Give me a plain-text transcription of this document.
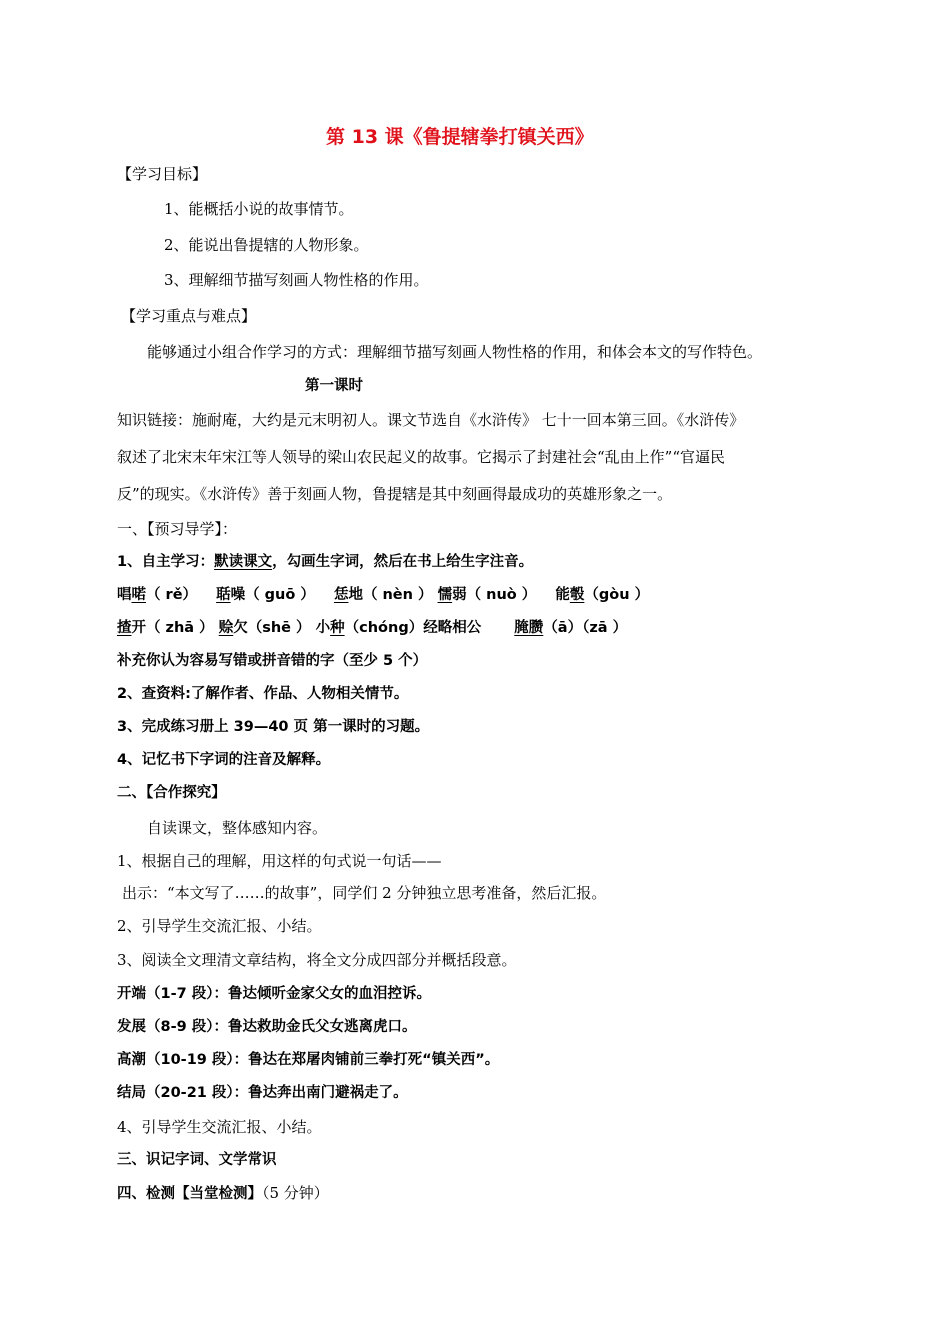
第 13 课《鲁提辖拳打镇关西》
【学习目标】
1、能概括小说的故事情节。
2、能说出鲁提辖的人物形象。
3、理解细节描写刻画人物性格的作用。
【学习重点与难点】
能够通过小组合作学习的方式：理解细节描写刻画人物性格的作用，和体会本文的写作特色。
第一课时
知识链接：施耐庵，大约是元末明初人。课文节选自《水浒传》 七十一回本第三回。《水浒传》
叙述了北宋末年宋江等人领导的梁山农民起义的故事。它揭示了封建社会“乱由上作”“官逼民
反”的现实。《水浒传》善于刻画人物，鲁提辖是其中刻画得最成功的英雄形象之一。
一、【预习导学】：
1、自主学习：默读课文，勾画生字词，然后在书上给生字注音。
唱喏（ rě） 聒噪（ guō ） 恁地（ nèn ） 懦弱（ nuò ） 能彀（gòu ）
揸开（ zhā ） 赊欠（shē ） 小种（chóng）经略相公 腌臜（ā）（zā ）
补充你认为容易写错或拼音错的字（至少 5 个）
2、查资料:了解作者、作品、人物相关情节。
3、完成练习册上 39—40 页 第一课时的习题。
4、记忆书下字词的注音及解释。
二、【合作探究】
自读课文，整体感知内容。
1、根据自己的理解，用这样的句式说一句话——
出示：“本文写了……的故事”，同学们 2 分钟独立思考准备，然后汇报。
2、引导学生交流汇报、小结。
3、阅读全文理清文章结构，将全文分成四部分并概括段意。
开端（1-7 段）：鲁达倾听金家父女的血泪控诉。
发展（8-9 段）：鲁达救助金氏父女逃离虎口。
高潮（10-19 段）：鲁达在郑屠肉铺前三拳打死“镇关西”。
结局（20-21 段）：鲁达奔出南门避祸走了。
4、引导学生交流汇报、小结。
三、识记字词、文学常识
四、检测【当堂检测】（5 分钟）
